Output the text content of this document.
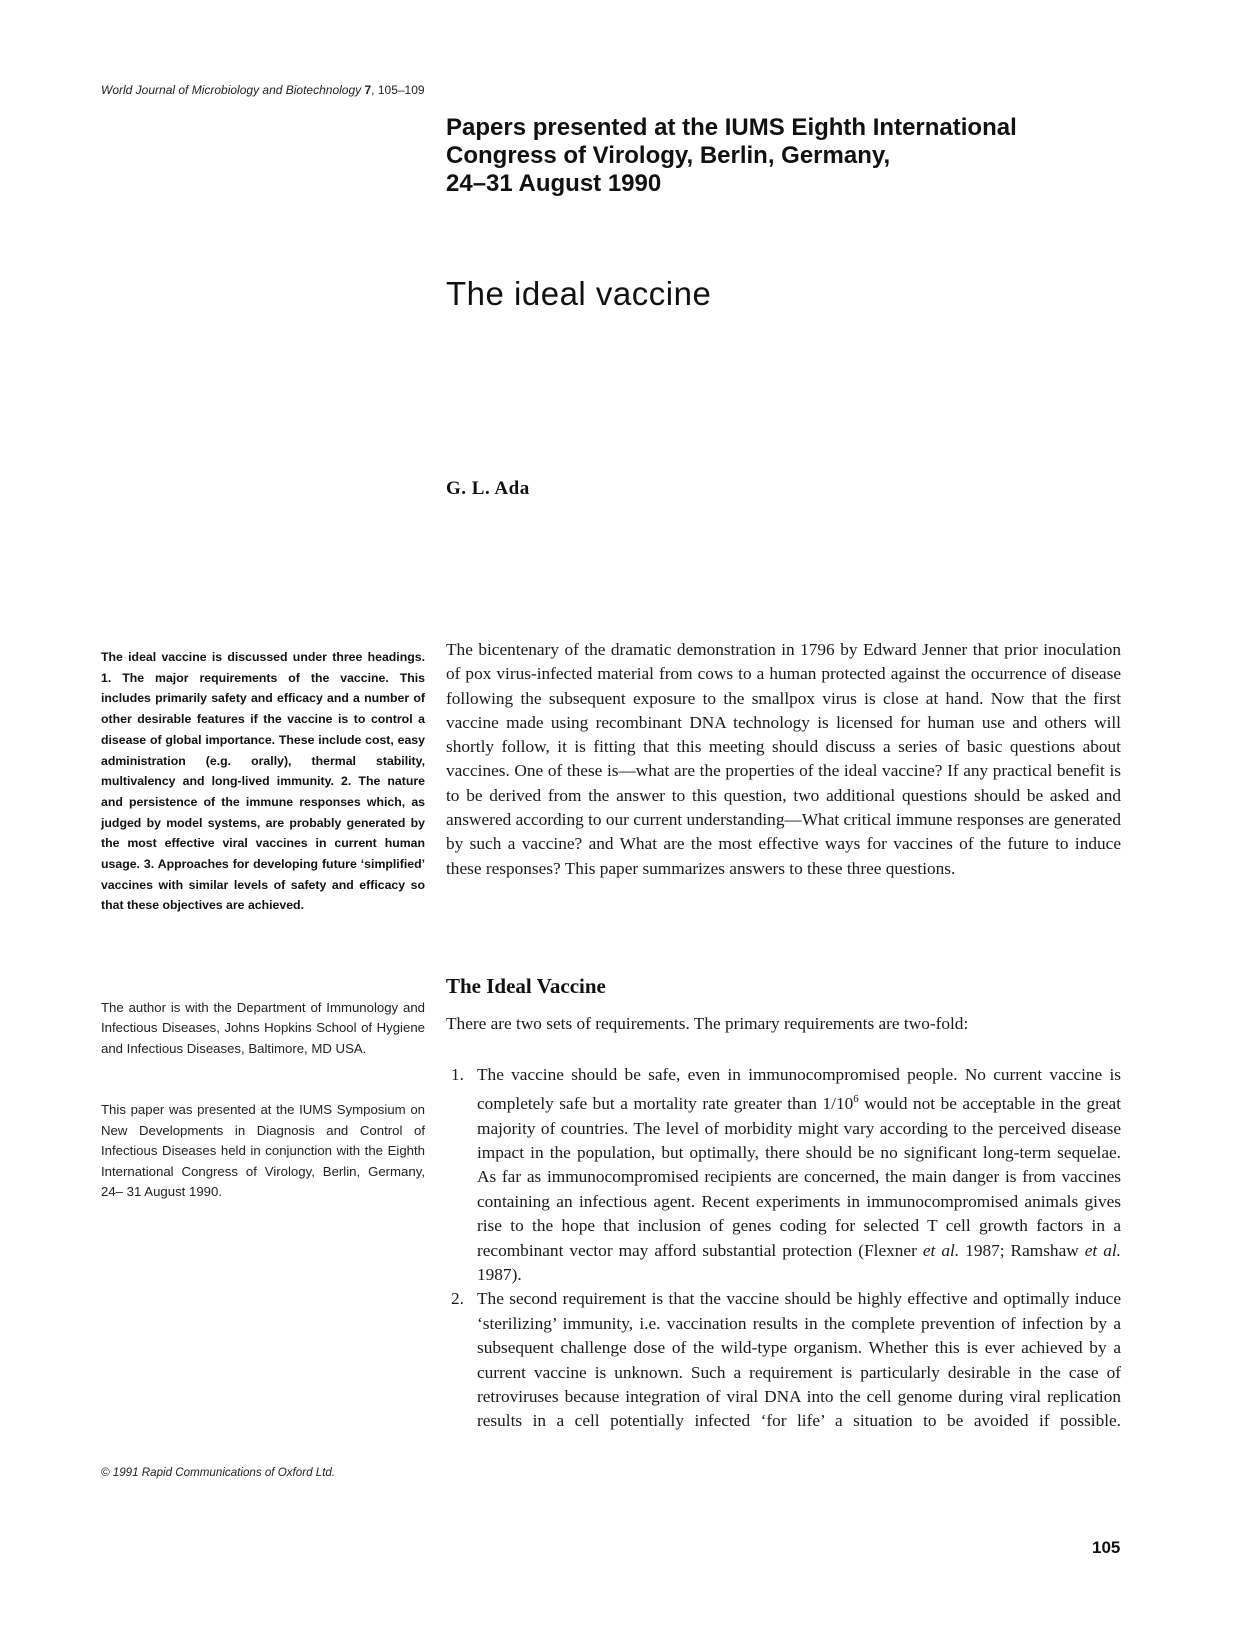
World Journal of Microbiology and Biotechnology 7, 105–109
Papers presented at the IUMS Eighth International
Congress of Virology, Berlin, Germany,
24–31 August 1990
The ideal vaccine
G. L. Ada
The ideal vaccine is discussed under three headings. 1. The major requirements of the vaccine. This includes primarily safety and efficacy and a number of other desirable features if the vaccine is to control a disease of global importance. These include cost, easy administration (e.g. orally), thermal stability, multivalency and long-lived immunity. 2. The nature and persistence of the immune responses which, as judged by model systems, are probably generated by the most effective viral vaccines in current human usage. 3. Approaches for developing future ‘simplified’ vaccines with similar levels of safety and efficacy so that these objectives are achieved.
The author is with the Department of Immunology and Infectious Diseases, Johns Hopkins School of Hygiene and Infectious Diseases, Baltimore, MD USA.
This paper was presented at the IUMS Symposium on New Developments in Diagnosis and Control of Infectious Diseases held in conjunction with the Eighth International Congress of Virology, Berlin, Germany, 24– 31 August 1990.
© 1991 Rapid Communications of Oxford Ltd.
The bicentenary of the dramatic demonstration in 1796 by Edward Jenner that prior inoculation of pox virus-infected material from cows to a human protected against the occurrence of disease following the subsequent exposure to the smallpox virus is close at hand. Now that the first vaccine made using recombinant DNA technology is licensed for human use and others will shortly follow, it is fitting that this meeting should discuss a series of basic questions about vaccines. One of these is—what are the properties of the ideal vaccine? If any practical benefit is to be derived from the answer to this question, two additional questions should be asked and answered according to our current understanding—What critical immune responses are generated by such a vaccine? and What are the most effective ways for vaccines of the future to induce these responses? This paper summarizes answers to these three questions.
The Ideal Vaccine
There are two sets of requirements. The primary requirements are two-fold:
1. The vaccine should be safe, even in immunocompromised people. No current vaccine is completely safe but a mortality rate greater than $1/10^6$ would not be acceptable in the great majority of countries. The level of morbidity might vary according to the perceived disease impact in the population, but optimally, there should be no significant long-term sequelae. As far as immunocompromised recipients are concerned, the main danger is from vaccines containing an infectious agent. Recent experiments in immunocompromised animals gives rise to the hope that inclusion of genes coding for selected T cell growth factors in a recombinant vector may afford substantial protection (Flexner et al. 1987; Ramshaw et al. 1987).
2. The second requirement is that the vaccine should be highly effective and optimally induce ‘sterilizing’ immunity, i.e. vaccination results in the complete prevention of infection by a subsequent challenge dose of the wild-type organism. Whether this is ever achieved by a current vaccine is unknown. Such a requirement is particularly desirable in the case of retroviruses because integration of viral DNA into the cell genome during viral replication results in a cell potentially infected ‘for life’ a situation to be avoided if possible.
105
